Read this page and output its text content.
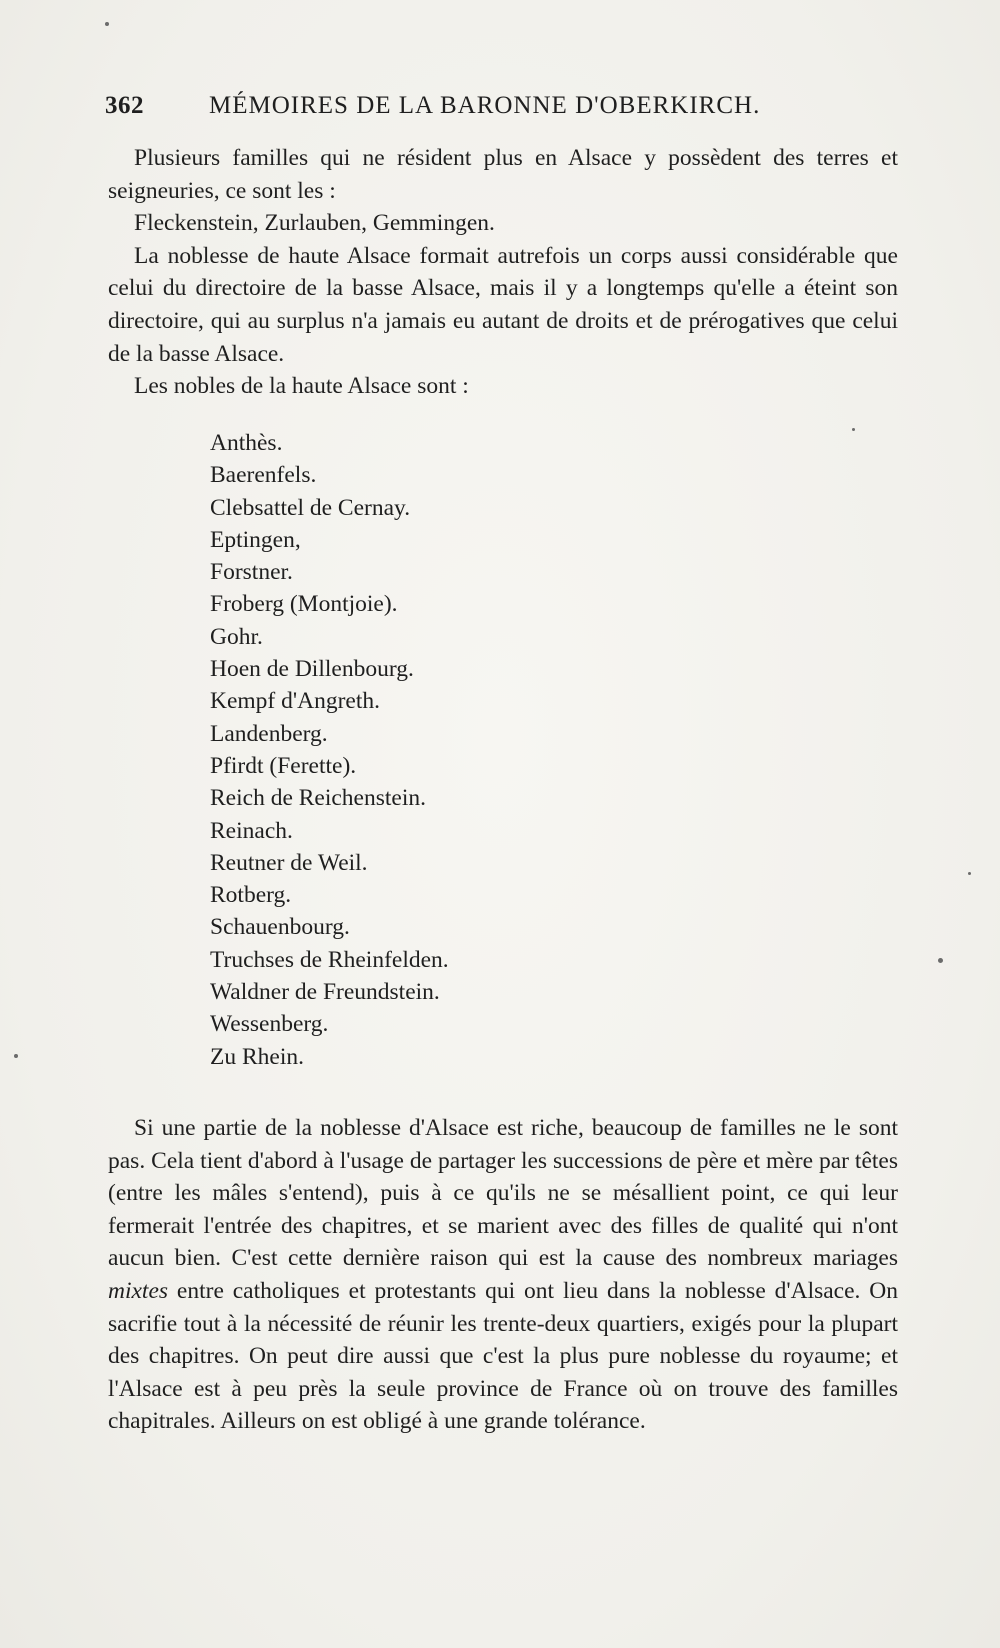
362	MÉMOIRES DE LA BARONNE D'OBERKIRCH.

Plusieurs familles qui ne résident plus en Alsace y possèdent des terres et seigneuries, ce sont les :

Fleckenstein, Zurlauben, Gemmingen.

La noblesse de haute Alsace formait autrefois un corps aussi considérable que celui du directoire de la basse Alsace, mais il y a longtemps qu'elle a éteint son directoire, qui au surplus n'a jamais eu autant de droits et de prérogatives que celui de la basse Alsace.

Les nobles de la haute Alsace sont :
Anthès.
Baerenfels.
Clebsattel de Cernay.
Eptingen,
Forstner.
Froberg (Montjoie).
Gohr.
Hoen de Dillenbourg.
Kempf d'Angreth.
Landenberg.
Pfirdt (Ferette).
Reich de Reichenstein.
Reinach.
Reutner de Weil.
Rotberg.
Schauenbourg.
Truchses de Rheinfelden.
Waldner de Freundstein.
Wessenberg.
Zu Rhein.

Si une partie de la noblesse d'Alsace est riche, beaucoup de familles ne le sont pas. Cela tient d'abord à l'usage de partager les successions de père et mère par têtes (entre les mâles s'entend), puis à ce qu'ils ne se mésallient point, ce qui leur fermerait l'entrée des chapitres, et se marient avec des filles de qualité qui n'ont aucun bien. C'est cette dernière raison qui est la cause des nombreux mariages mixtes entre catholiques et protestants qui ont lieu dans la noblesse d'Alsace. On sacrifie tout à la nécessité de réunir les trente-deux quartiers, exigés pour la plupart des chapitres. On peut dire aussi que c'est la plus pure noblesse du royaume; et l'Alsace est à peu près la seule province de France où on trouve des familles chapitrales. Ailleurs on est obligé à une grande tolérance.
